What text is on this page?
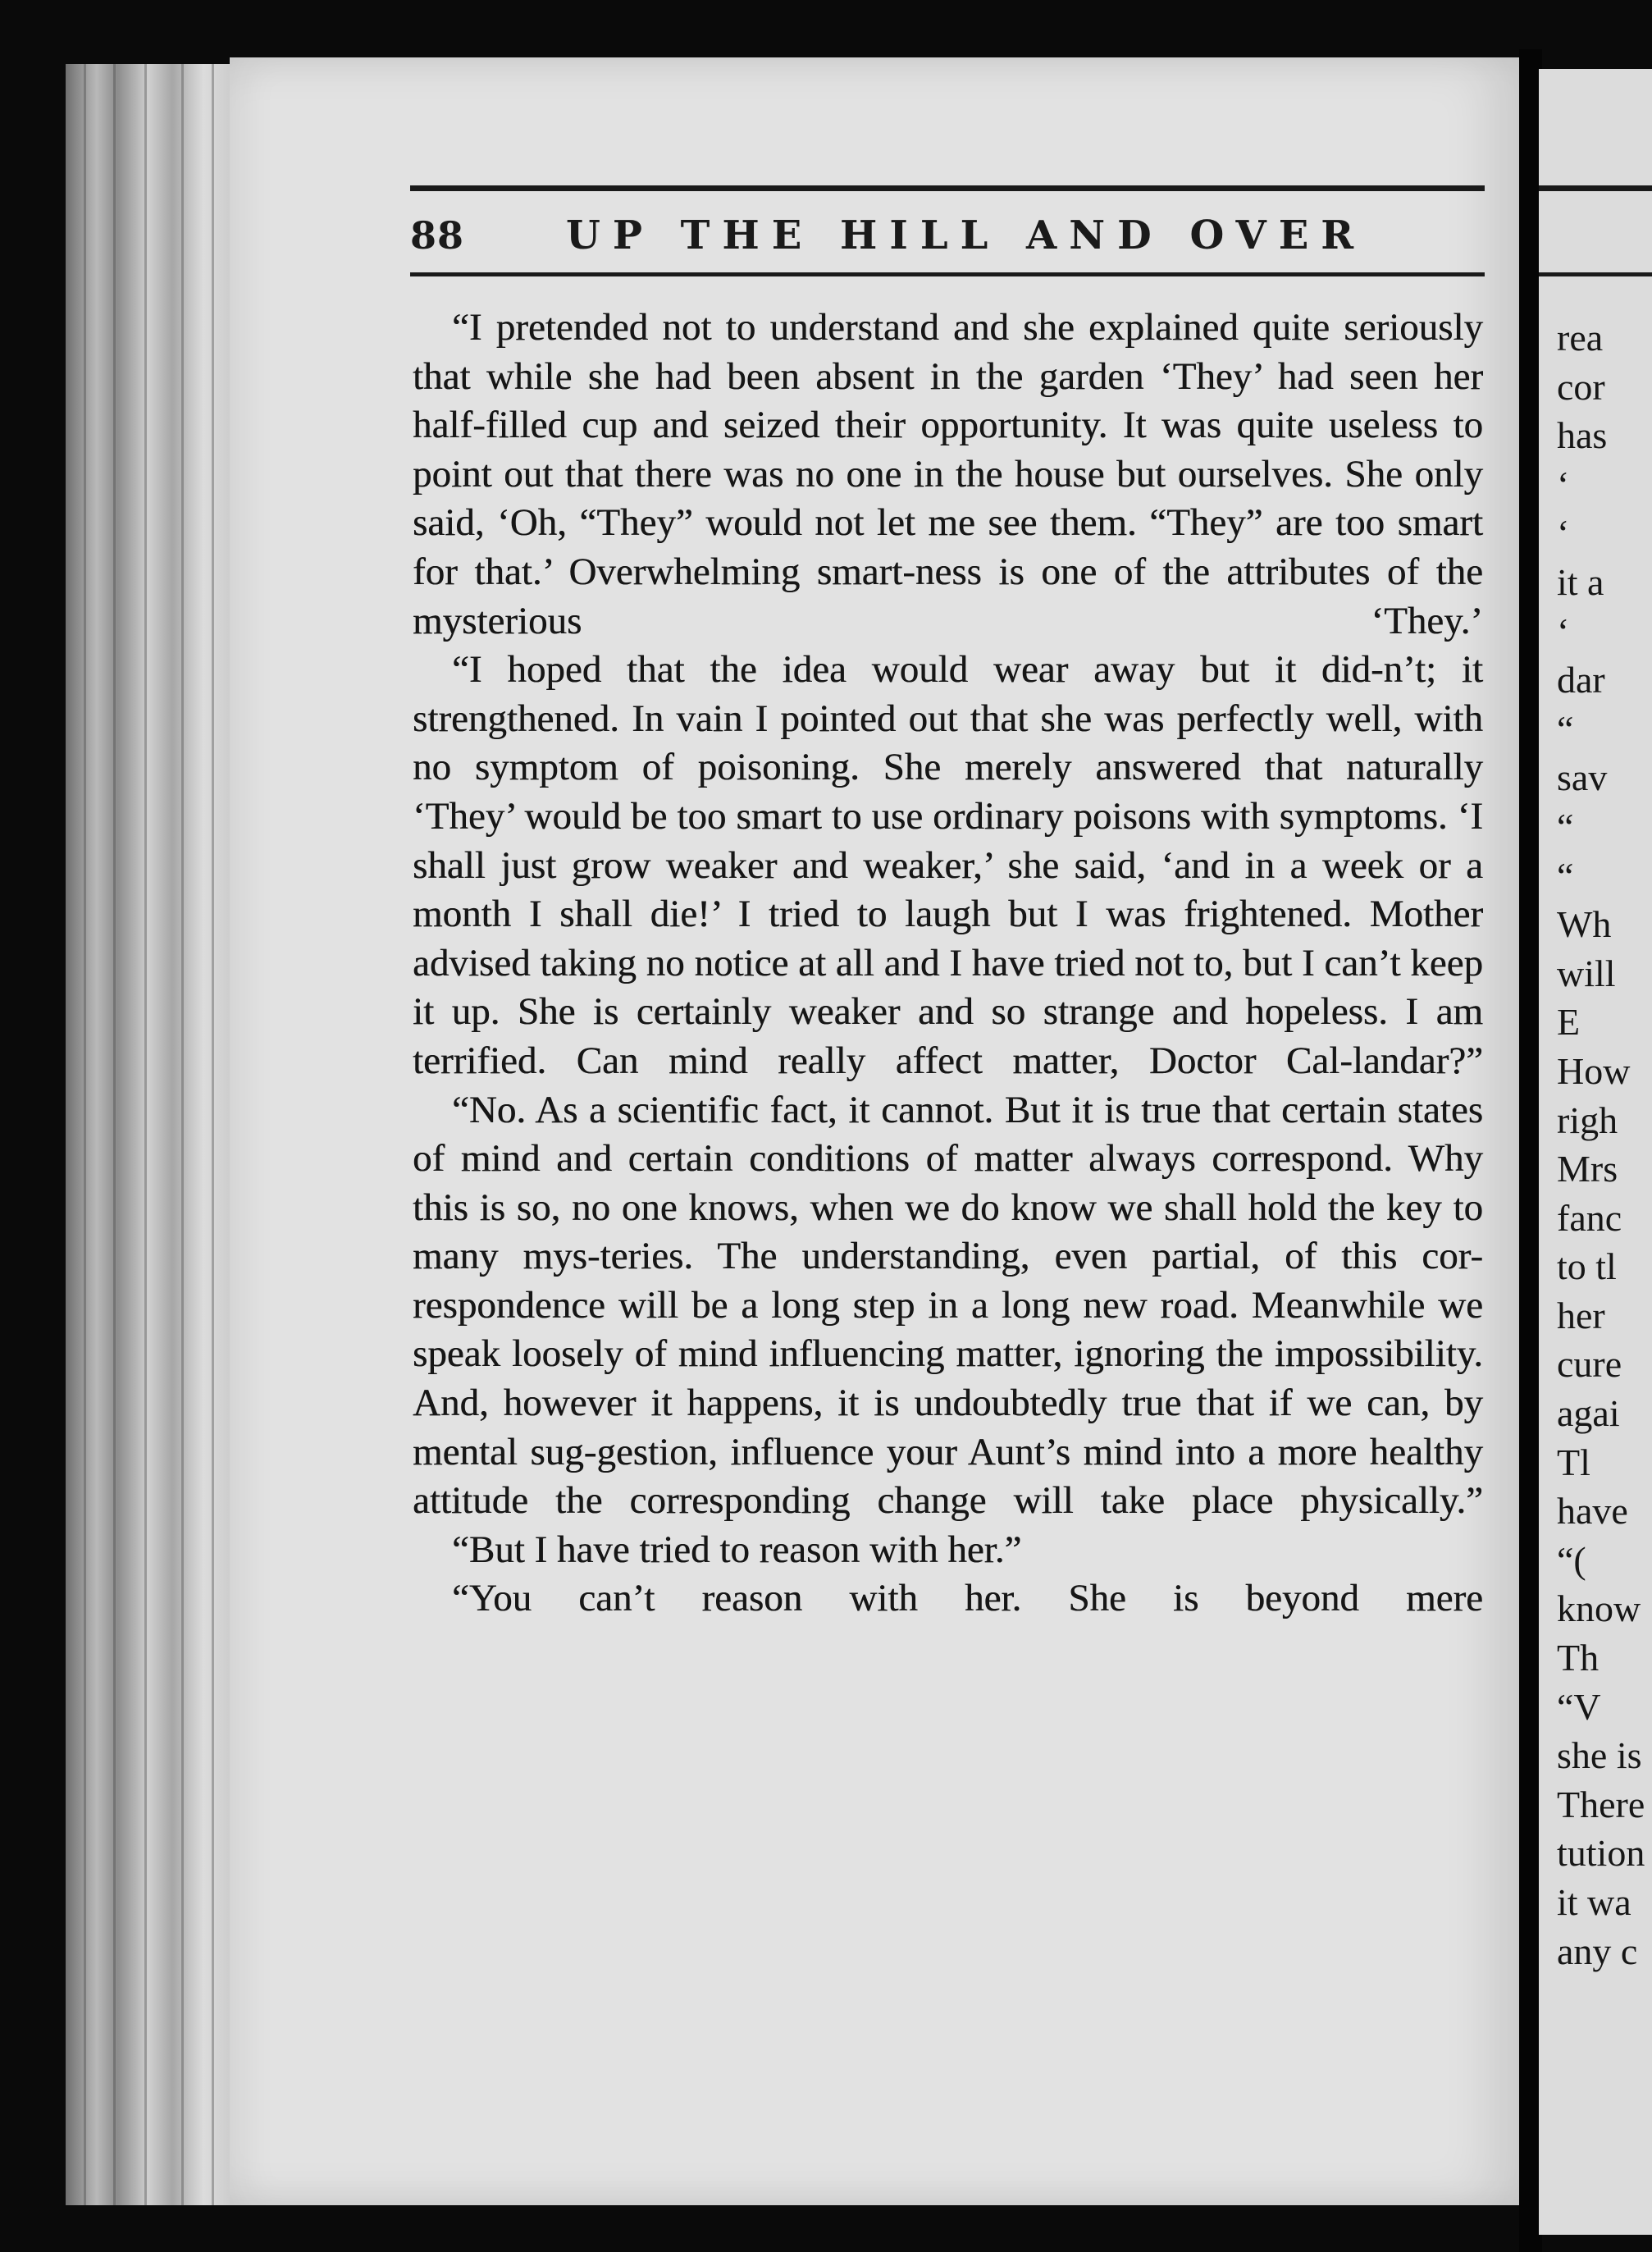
88	UP THE HILL AND OVER

“I pretended not to understand and she explained quite seriously that while she had been absent in the garden ‘They’ had seen her half-filled cup and seized their opportunity. It was quite useless to point out that there was no one in the house but ourselves. She only said, ‘Oh, “They” would not let me see them. “They” are too smart for that.’ Overwhelming smart-ness is one of the attributes of the mysterious ‘They.’

“I hoped that the idea would wear away but it did-n’t; it strengthened. In vain I pointed out that she was perfectly well, with no symptom of poisoning. She merely answered that naturally ‘They’ would be too smart to use ordinary poisons with symptoms. ‘I shall just grow weaker and weaker,’ she said, ‘and in a week or a month I shall die!’ I tried to laugh but I was frightened. Mother advised taking no notice at all and I have tried not to, but I can’t keep it up. She is certainly weaker and so strange and hopeless. I am terrified. Can mind really affect matter, Doctor Cal-landar?”

“No. As a scientific fact, it cannot. But it is true that certain states of mind and certain conditions of matter always correspond. Why this is so, no one knows, when we do know we shall hold the key to many mys-teries. The understanding, even partial, of this cor-respondence will be a long step in a long new road. Meanwhile we speak loosely of mind influencing matter, ignoring the impossibility. And, however it happens, it is undoubtedly true that if we can, by mental sug-gestion, influence your Aunt’s mind into a more healthy attitude the corresponding change will take place physically.”

“But I have tried to reason with her.”

“You can’t reason with her. She is beyond mere

rea
cor
has
‘
‘
it a
‘
dar
“
sav
“
“
Wh
will
E
How
righ
Mrs
fanc
to tl
her
cure
agai
Tl
have
“(
know
Th
“V
she is
There
tution
it wa
any c
